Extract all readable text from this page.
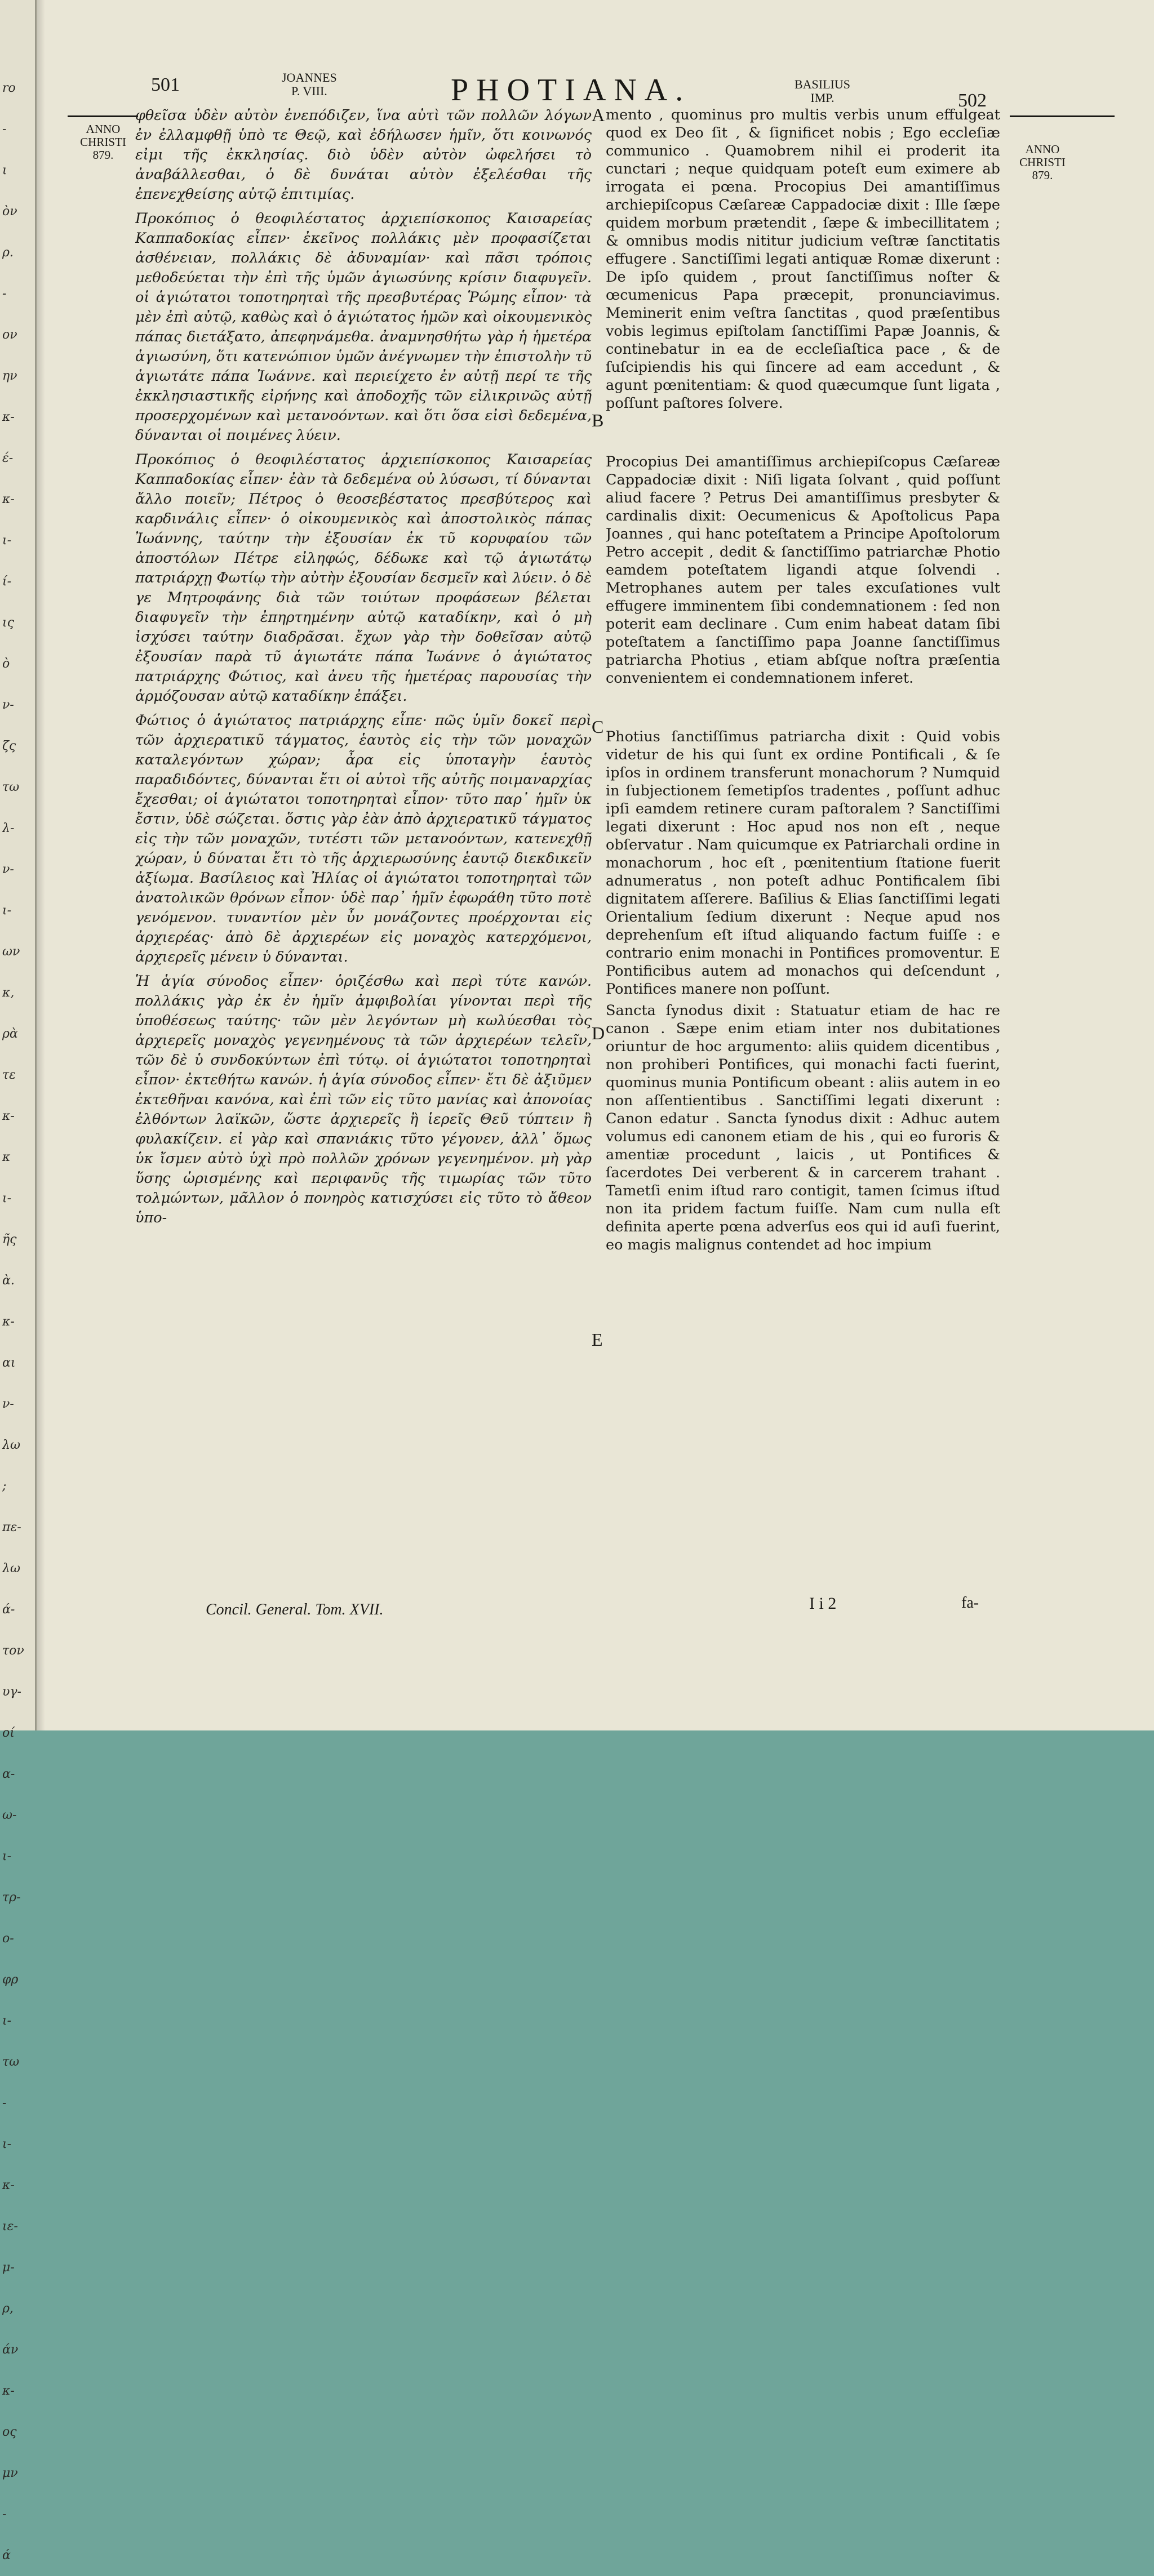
ro
-
ι
ὸν
ρ.
-
ον
ην
κ-
έ-
κ-
ι-
ί-
ις
ὸ
ν-
ζς
τω
λ-
ν-
ι-
ων
κ,
ρὰ
τε
κ-
κ
ι-
ῆς
ὰ.
κ-
αι
ν-
λω
;
πε-
λω
ά-
τον
υγ-
οί
α-
ω-
ι-
τρ-
ο-
φρ
ι-
τω
-
ι-
κ-
ιε-
μ-
ρ,
άν
κ-
ος
μν
-
ά
501	JOANNES
P. VIII.	PHOTIANA.	BASILIUS
IMP.	502
ANNO
CHRISTI
879.	ANNO
CHRISTI
879.

φθεῖσα ὑδὲν αὐτὸν ἐνεπόδιζεν, ἵνα αὐτὶ τῶν πολλῶν λόγων ἐν ἐλλαμφθῇ ὑπὸ τε Θεῷ, καὶ ἐδήλωσεν ἡμῖν, ὅτι κοινωνός εἰμι τῆς ἐκκλησίας. διὸ ὑδὲν αὐτὸν ὠφελήσει τὸ ἀναβάλλεσθαι, ὁ δὲ δυνάται αὐτὸν ἐξελέσθαι τῆς ἐπενεχθείσης αὐτῷ ἐπιτιμίας.

Προκόπιος ὁ θεοφιλέστατος ἀρχιεπίσκοπος Καισαρείας Καππαδοκίας εἶπεν· ἐκεῖνος πολλάκις μὲν προφασίζεται ἀσθένειαν, πολλάκις δὲ ἀδυναμίαν· καὶ πᾶσι τρόποις μεθοδεύεται τὴν ἐπὶ τῆς ὑμῶν ἁγιωσύνης κρίσιν διαφυγεῖν. οἱ ἁγιώτατοι τοποτηρηταὶ τῆς πρεσβυτέρας Ῥώμης εἶπον· τὰ μὲν ἐπὶ αὐτῷ, καθὼς καὶ ὁ ἁγιώτατος ἡμῶν καὶ οἰκουμενικὸς πάπας διετάξατο, ἀπεφηνάμεθα. ἀναμνησθήτω γὰρ ἡ ἡμετέρα ἁγιωσύνη, ὅτι κατενώπιον ὑμῶν ἀνέγνωμεν τὴν ἐπιστολὴν τῦ ἁγιωτάτε πάπα Ἰωάννε. καὶ περιείχετο ἐν αὐτῇ περί τε τῆς ἐκκλησιαστικῆς εἰρήνης καὶ ἀποδοχῆς τῶν εἰλικρινῶς αὐτῇ προσερχομένων καὶ μετανοόντων. καὶ ὅτι ὅσα εἰσὶ δεδεμένα, δύνανται οἱ ποιμένες λύειν.

Προκόπιος ὁ θεοφιλέστατος ἀρχιεπίσκοπος Καισαρείας Καππαδοκίας εἶπεν· ἐὰν τὰ δεδεμένα οὐ λύσωσι, τί δύνανται ἄλλο ποιεῖν; Πέτρος ὁ θεοσεβέστατος πρεσβύτερος καὶ καρδινάλις εἶπεν· ὁ οἰκουμενικὸς καὶ ἀποστολικὸς πάπας Ἰωάννης, ταύτην τὴν ἐξουσίαν ἐκ τῦ κορυφαίου τῶν ἀποστόλων Πέτρε εἰληφώς, δέδωκε καὶ τῷ ἁγιωτάτῳ πατριάρχῃ Φωτίῳ τὴν αὐτὴν ἐξουσίαν δεσμεῖν καὶ λύειν. ὁ δὲ γε Μητροφάνης διὰ τῶν τοιύτων προφάσεων βέλεται διαφυγεῖν τὴν ἐπηρτημένην αὐτῷ καταδίκην, καὶ ὁ μὴ ἰσχύσει ταύτην διαδρᾶσαι. ἔχων γὰρ τὴν δοθεῖσαν αὐτῷ ἐξουσίαν παρὰ τῦ ἁγιωτάτε πάπα Ἰωάννε ὁ ἁγιώτατος πατριάρχης Φώτιος, καὶ ἀνευ τῆς ἡμετέρας παρουσίας τὴν ἁρμόζουσαν αὐτῷ καταδίκην ἐπάξει.

Φώτιος ὁ ἁγιώτατος πατριάρχης εἶπε· πῶς ὑμῖν δοκεῖ περὶ τῶν ἀρχιερατικῦ τάγματος, ἑαυτὸς εἰς τὴν τῶν μοναχῶν καταλεγόντων χώραν; ἆρα εἰς ὑποταγὴν ἑαυτὸς παραδιδόντες, δύνανται ἔτι οἱ αὐτοὶ τῆς αὐτῆς ποιμαναρχίας ἔχεσθαι; οἱ ἁγιώτατοι τοποτηρηταὶ εἶπον· τῦτο παρ᾽ ἡμῖν ὑκ ἔστιν, ὑδὲ σώζεται. ὅστις γὰρ ἐὰν ἀπὸ ἀρχιερατικῦ τάγματος εἰς τὴν τῶν μοναχῶν, τυτέστι τῶν μετανοόντων, κατενεχθῇ χώραν, ὑ δύναται ἔτι τὸ τῆς ἀρχιερωσύνης ἑαυτῷ διεκδικεῖν ἀξίωμα. Βασίλειος καὶ Ἠλίας οἱ ἁγιώτατοι τοποτηρηταὶ τῶν ἀνατολικῶν θρόνων εἶπον· ὑδὲ παρ᾽ ἡμῖν ἐφωράθη τῦτο ποτὲ γενόμενον. τυναντίον μὲν ὖν μονάζοντες προέρχονται εἰς ἀρχιερέας· ἀπὸ δὲ ἀρχιερέων εἰς μοναχὸς κατερχόμενοι, ἀρχιερεῖς μένειν ὑ δύνανται.

Ἡ ἁγία σύνοδος εἶπεν· ὁριζέσθω καὶ περὶ τύτε κανών. πολλάκις γὰρ ἐκ ἐν ἡμῖν ἀμφιβολίαι γίνονται περὶ τῆς ὑποθέσεως ταύτης· τῶν μὲν λεγόντων μὴ κωλύεσθαι τὸς ἀρχιερεῖς μοναχὸς γεγενημένους τὰ τῶν ἀρχιερέων τελεῖν, τῶν δὲ ὑ συνδοκύντων ἐπὶ τύτῳ. οἱ ἁγιώτατοι τοποτηρηταὶ εἶπον· ἐκτεθήτω κανών. ἡ ἁγία σύνοδος εἶπεν· ἔτι δὲ ἀξιῦμεν ἐκτεθῆναι κανόνα, καὶ ἐπὶ τῶν εἰς τῦτο μανίας καὶ ἀπονοίας ἐλθόντων λαϊκῶν, ὥστε ἀρχιερεῖς ἢ ἱερεῖς Θεῦ τύπτειν ἢ φυλακίζειν. εἰ γὰρ καὶ σπανιάκις τῦτο γέγονεν, ἀλλ᾽ ὅμως ὑκ ἴσμεν αὐτὸ ὑχὶ πρὸ πολλῶν χρόνων γεγενημένον. μὴ γὰρ ὕσης ὡρισμένης καὶ περιφανῦς τῆς τιμωρίας τῶν τῦτο τολμώντων, μᾶλλον ὁ πονηρὸς κατισχύσει εἰς τῦτο τὸ ἄθεον ὑπο-

A
B
C
D
E

mento , quominus pro multis verbis unum effulgeat quod ex Deo ſit , & ſignificet nobis ; Ego eccleſiæ communico . Quamobrem nihil ei proderit ita cunctari ; neque quidquam poteſt eum eximere ab irrogata ei pœna. Procopius Dei amantiſſimus archiepiſcopus Cæſareæ Cappadociæ dixit : Ille ſæpe quidem morbum prætendit , ſæpe & imbecillitatem ; & omnibus modis nititur judicium veſtræ ſanctitatis effugere . Sanctiſſimi legati antiquæ Romæ dixerunt : De ipſo quidem , prout ſanctiſſimus noſter & œcumenicus Papa præcepit, pronunciavimus. Meminerit enim veſtra ſanctitas , quod præſentibus vobis legimus epiſtolam ſanctiſſimi Papæ Joannis, & continebatur in ea de eccleſiaſtica pace , & de ſuſcipiendis his qui ſincere ad eam accedunt , & agunt pœnitentiam: & quod quæcumque ſunt ligata , poſſunt paſtores ſolvere.

Procopius Dei amantiſſimus archiepiſcopus Cæſareæ Cappadociæ dixit : Niſi ligata ſolvant , quid poſſunt aliud facere ? Petrus Dei amantiſſimus presbyter & cardinalis dixit: Oecumenicus & Apoſtolicus Papa Joannes , qui hanc poteſtatem a Principe Apoſtolorum Petro accepit , dedit & ſanctiſſimo patriarchæ Photio eamdem poteſtatem ligandi atque ſolvendi . Metrophanes autem per tales excuſationes vult effugere imminentem ſibi condemnationem : ſed non poterit eam declinare . Cum enim habeat datam ſibi poteſtatem a ſanctiſſimo papa Joanne ſanctiſſimus patriarcha Photius , etiam abſque noſtra præſentia convenientem ei condemnationem inferet.

Photius ſanctiſſimus patriarcha dixit : Quid vobis videtur de his qui ſunt ex ordine Pontificali , & ſe ipſos in ordinem transferunt monachorum ? Numquid in ſubjectionem ſemetipſos tradentes , poſſunt adhuc ipſi eamdem retinere curam paſtoralem ? Sanctiſſimi legati dixerunt : Hoc apud nos non eſt , neque obſervatur . Nam quicumque ex Patriarchali ordine in monachorum , hoc eſt , pœnitentium ſtatione fuerit adnumeratus , non poteſt adhuc Pontificalem ſibi dignitatem aſſerere. Baſilius & Elias ſanctiſſimi legati Orientalium ſedium dixerunt : Neque apud nos deprehenſum eſt iſtud aliquando factum fuiſſe : e contrario enim monachi in Pontifices promoventur. E Pontificibus autem ad monachos qui deſcendunt , Pontifices manere non poſſunt.

Sancta ſynodus dixit : Statuatur etiam de hac re canon . Sæpe enim etiam inter nos dubitationes oriuntur de hoc argumento: aliis quidem dicentibus , non prohiberi Pontifices, qui monachi facti fuerint, quominus munia Pontificum obeant : aliis autem in eo non aſſentientibus . Sanctiſſimi legati dixerunt : Canon edatur . Sancta ſynodus dixit : Adhuc autem volumus edi canonem etiam de his , qui eo furoris & amentiæ procedunt , laicis , ut Pontifices & ſacerdotes Dei verberent & in carcerem trahant . Tametſi enim iſtud raro contigit, tamen ſcimus iſtud non ita pridem factum fuiſſe. Nam cum nulla eſt definita aperte pœna adverſus eos qui id auſi fuerint, eo magis malignus contendet ad hoc impium

Concil. General. Tom. XVII.	I i 2	fa-
